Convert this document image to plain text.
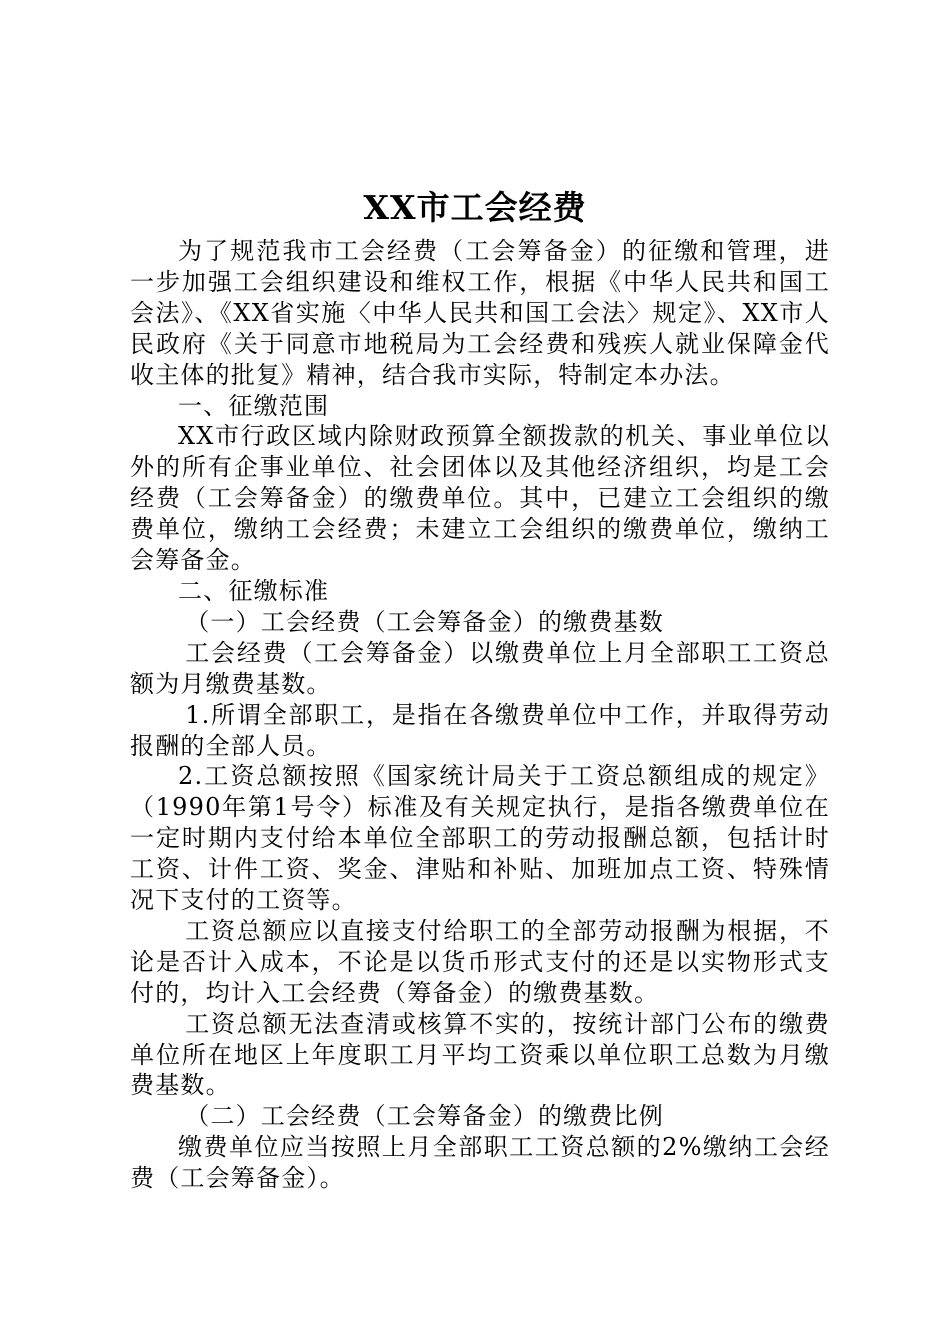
XX市工会经费

为了规范我市工会经费（工会筹备金）的征缴和管理，进一步加强工会组织建设和维权工作，根据《中华人民共和国工会法》、《XX省实施〈中华人民共和国工会法〉规定》、XX市人民政府《关于同意市地税局为工会经费和残疾人就业保障金代收主体的批复》精神，结合我市实际，特制定本办法。

一、征缴范围

XX市行政区域内除财政预算全额拨款的机关、事业单位以外的所有企事业单位、社会团体以及其他经济组织，均是工会经费（工会筹备金）的缴费单位。其中，已建立工会组织的缴费单位，缴纳工会经费；未建立工会组织的缴费单位，缴纳工会筹备金。

二、征缴标准

（一）工会经费（工会筹备金）的缴费基数

工会经费（工会筹备金）以缴费单位上月全部职工工资总额为月缴费基数。

1.所谓全部职工，是指在各缴费单位中工作，并取得劳动报酬的全部人员。

2.工资总额按照《国家统计局关于工资总额组成的规定》（1990年第1号令）标准及有关规定执行，是指各缴费单位在一定时期内支付给本单位全部职工的劳动报酬总额，包括计时工资、计件工资、奖金、津贴和补贴、加班加点工资、特殊情况下支付的工资等。

工资总额应以直接支付给职工的全部劳动报酬为根据，不论是否计入成本，不论是以货币形式支付的还是以实物形式支付的，均计入工会经费（筹备金）的缴费基数。

工资总额无法查清或核算不实的，按统计部门公布的缴费单位所在地区上年度职工月平均工资乘以单位职工总数为月缴费基数。

（二）工会经费（工会筹备金）的缴费比例

缴费单位应当按照上月全部职工工资总额的2%缴纳工会经费（工会筹备金）。
